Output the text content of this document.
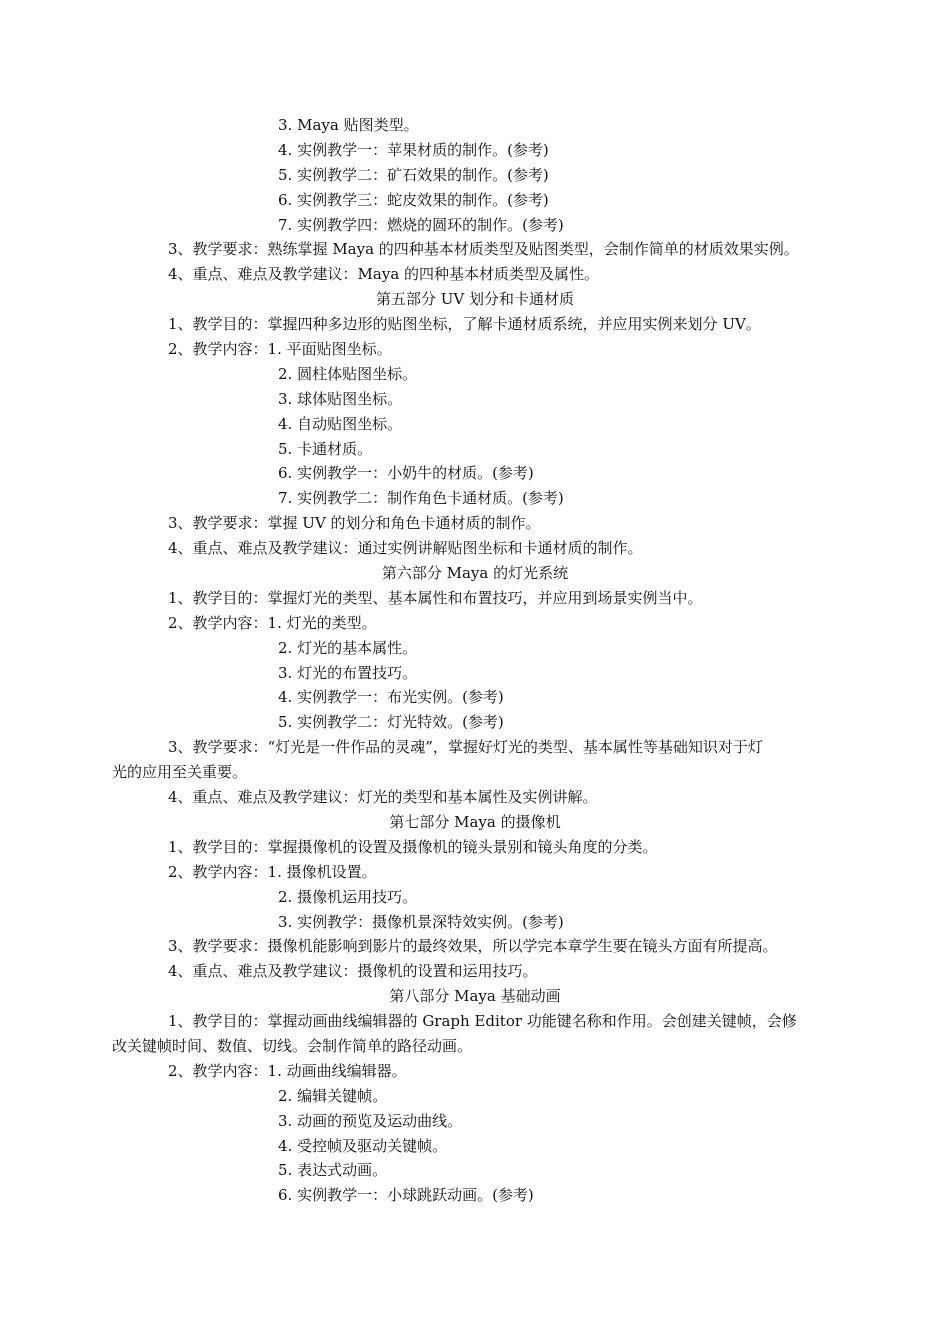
3. Maya 贴图类型。
4. 实例教学一：苹果材质的制作。(参考)
5. 实例教学二：矿石效果的制作。(参考)
6. 实例教学三：蛇皮效果的制作。(参考)
7. 实例教学四：燃烧的圆环的制作。(参考)
3、教学要求：熟练掌握 Maya 的四种基本材质类型及贴图类型，会制作简单的材质效果实例。
4、重点、难点及教学建议：Maya 的四种基本材质类型及属性。
第五部分 UV 划分和卡通材质
1、教学目的：掌握四种多边形的贴图坐标，了解卡通材质系统，并应用实例来划分 UV。
2、教学内容：1. 平面贴图坐标。
2. 圆柱体贴图坐标。
3. 球体贴图坐标。
4. 自动贴图坐标。
5. 卡通材质。
6. 实例教学一：小奶牛的材质。(参考)
7. 实例教学二：制作角色卡通材质。(参考)
3、教学要求：掌握 UV 的划分和角色卡通材质的制作。
4、重点、难点及教学建议：通过实例讲解贴图坐标和卡通材质的制作。
第六部分 Maya 的灯光系统
1、教学目的：掌握灯光的类型、基本属性和布置技巧，并应用到场景实例当中。
2、教学内容：1. 灯光的类型。
2. 灯光的基本属性。
3. 灯光的布置技巧。
4. 实例教学一：布光实例。(参考)
5. 实例教学二：灯光特效。(参考)
3、教学要求：“灯光是一件作品的灵魂”，掌握好灯光的类型、基本属性等基础知识对于灯
光的应用至关重要。
4、重点、难点及教学建议：灯光的类型和基本属性及实例讲解。
第七部分 Maya 的摄像机
1、教学目的：掌握摄像机的设置及摄像机的镜头景别和镜头角度的分类。
2、教学内容：1. 摄像机设置。
2. 摄像机运用技巧。
3. 实例教学：摄像机景深特效实例。(参考)
3、教学要求：摄像机能影响到影片的最终效果，所以学完本章学生要在镜头方面有所提高。
4、重点、难点及教学建议：摄像机的设置和运用技巧。
第八部分 Maya 基础动画
1、教学目的：掌握动画曲线编辑器的 Graph Editor 功能键名称和作用。会创建关键帧，会修
改关键帧时间、数值、切线。会制作简单的路径动画。
2、教学内容：1. 动画曲线编辑器。
2. 编辑关键帧。
3. 动画的预览及运动曲线。
4. 受控帧及驱动关键帧。
5. 表达式动画。
6. 实例教学一：小球跳跃动画。(参考)
